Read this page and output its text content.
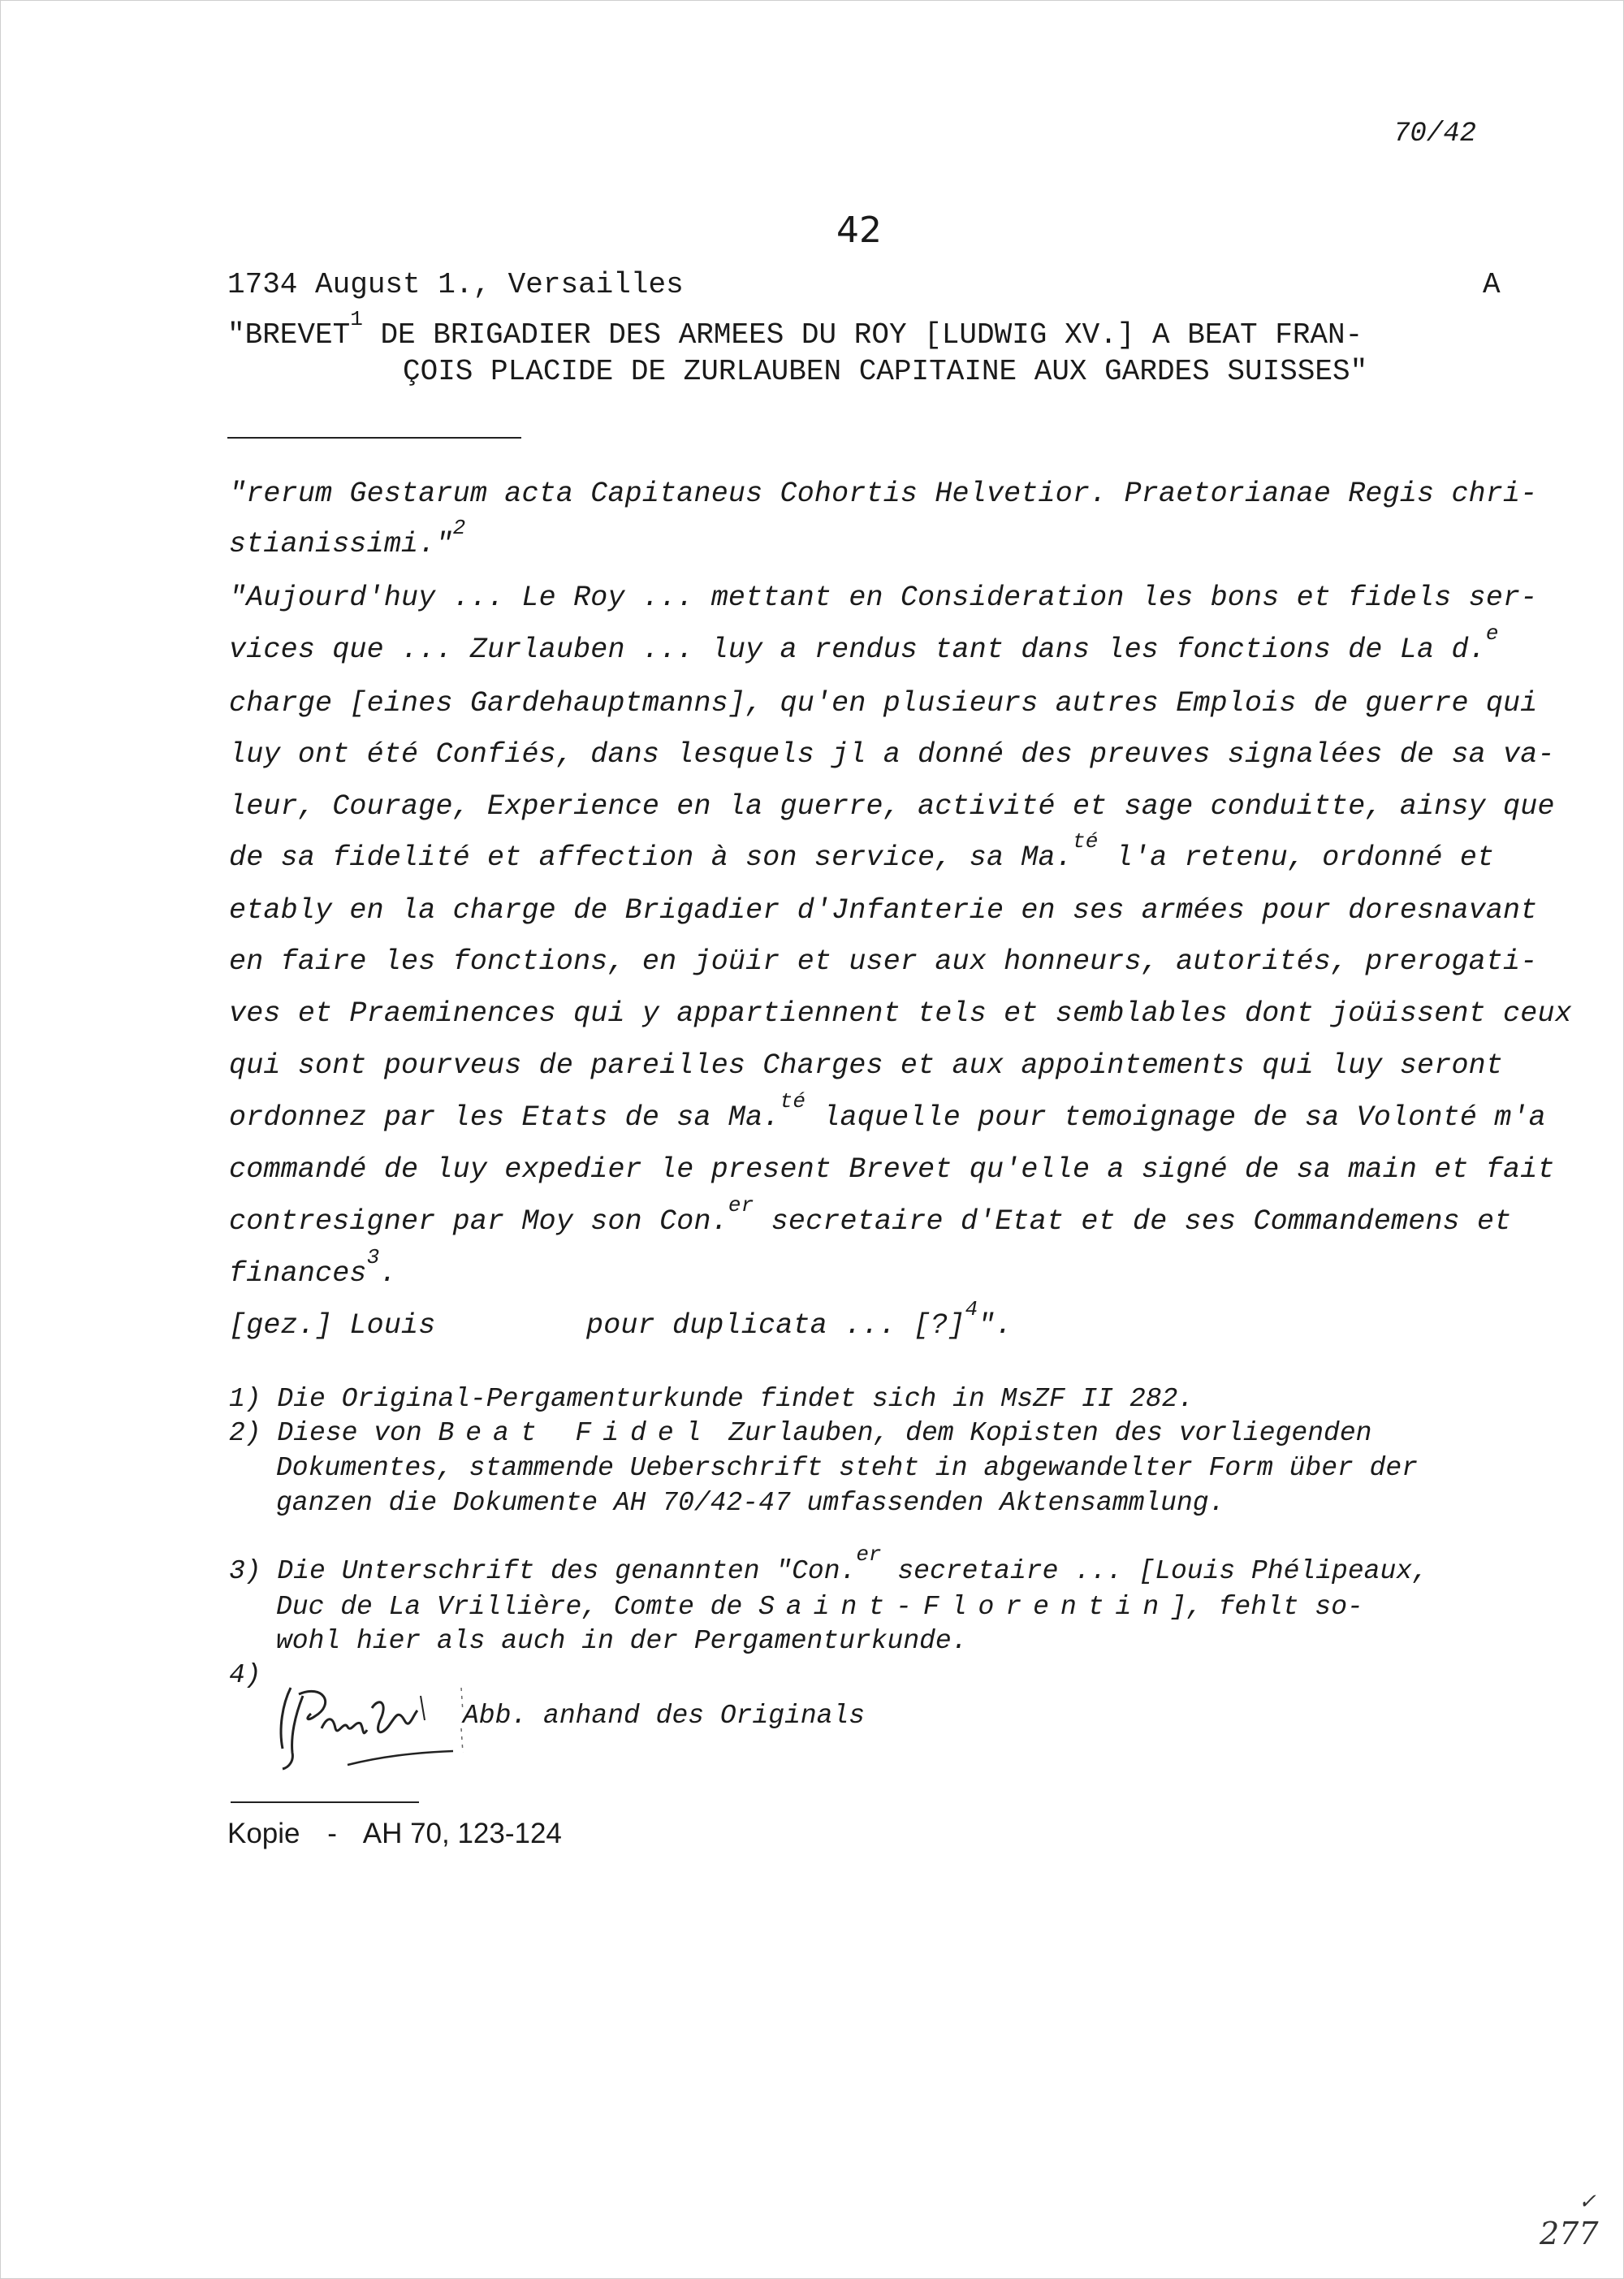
70/42
42
1734 August 1., Versailles	A
"BREVET$^1$ DE BRIGADIER DES ARMEES DU ROY [LUDWIG XV.] A BEAT FRAN-
ÇOIS PLACIDE DE ZURLAUBEN CAPITAINE AUX GARDES SUISSES"
"rerum Gestarum acta Capitaneus Cohortis Helvetior. Praetorianae Regis chri-
stianissimi."$^2$
"Aujourd'huy ... Le Roy ... mettant en Consideration les bons et fidels ser-
vices que ... Zurlauben ... luy a rendus tant dans les fonctions de La d.$^e$
charge [eines Gardehauptmanns], qu'en plusieurs autres Emplois de guerre qui
luy ont été Confiés, dans lesquels jl a donné des preuves signalées de sa va-
leur, Courage, Experience en la guerre, activité et sage conduitte, ainsy que
de sa fidelité et affection à son service, sa Ma.$^{té}$ l'a retenu, ordonné et
etably en la charge de Brigadier d'Jnfanterie en ses armées pour doresnavant
en faire les fonctions, en joüir et user aux honneurs, autorités, prerogati-
ves et Praeminences qui y appartiennent tels et semblables dont joüissent ceux
qui sont pourveus de pareilles Charges et aux appointements qui luy seront
ordonnez par les Etats de sa Ma.$^{té}$ laquelle pour temoignage de sa Volonté m'a
commandé de luy expedier le present Brevet qu'elle a signé de sa main et fait
contresigner par Moy son Con.$^{er}$ secretaire d'Etat et de ses Commandemens et
finances$^3$.
[gez.] Louis	pour duplicata ... [?]$^4$".
1) Die Original-Pergamenturkunde findet sich in MsZF II 282.
2) Diese von Beat Fidel Zurlauben, dem Kopisten des vorliegenden
Dokumentes, stammende Ueberschrift steht in abgewandelter Form über der
ganzen die Dokumente AH 70/42-47 umfassenden Aktensammlung.
3) Die Unterschrift des genannten "Con.$^{er}$ secretaire ... [Louis Phélipeaux,
Duc de La Vrillière, Comte de Saint-Florentin], fehlt so-
wohl hier als auch in der Pergamenturkunde.
4)
Abb. anhand des Originals
Kopie - AH 70, 123-124
✓
277
